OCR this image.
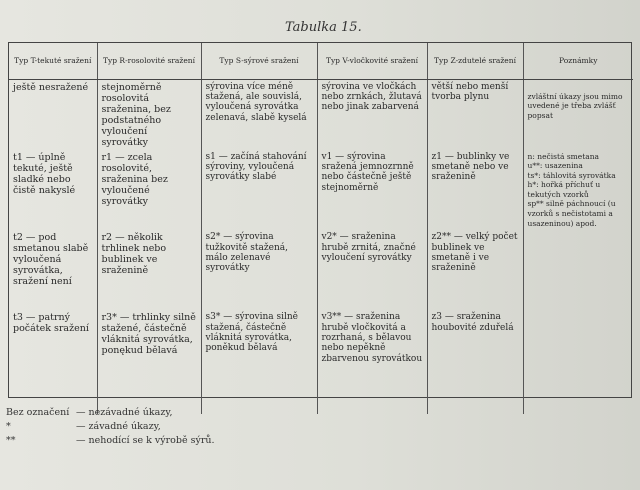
Tabulka 15.
Typ T-tekuté sražení	Typ R-rosolovité sražení	Typ S-sýrové sražení	Typ V-vločkovité sražení	Typ Z-zdutelé sražení	Poznámky
ještě nesražené	stejnoměrně rosolovitá sraženina, bez podstatného vyloučení syrovátky	sýrovina více méně stažená, ale souvislá, vyloučená syrovátka zelenavá, slabě kyselá	sýrovina ve vločkách nebo zrnkách, žlutavá nebo jinak zabarvená	větší nebo menší tvorba plynu	zvláštní úkazy jsou mimo uvedené je třeba zvlášť popsat
t1 — úplně tekuté, ještě sladké nebo čistě nakyslé	r1 — zcela rosolovité, sraženina bez vyloučené syrovátky	s1 — začíná stahování sýroviny, vyloučená syrovátky slabé	v1 — sýrovina sražená jemnozrnně nebo částečně ještě stejnoměrně	z1 — bublinky ve smetaně nebo ve sraženině	n: nečistá smetana
u**: usazenina
ts*: táhlovitá syrovátka
h*: hořká příchuť u tekutých vzorků
sp** silně páchnoucí (u vzorků s nečistotami a usazeninou) apod.
t2 — pod smetanou slabě vyloučená syrovátka, sražení není	r2 — několik trhlinek nebo bublinek ve sraženině	s2* — sýrovina tužkovitě stažená, málo zelenavé syrovátky	v2* — sraženina hrubě zrnitá, značné vyloučení syrovátky	z2** — velký počet bublinek ve smetaně i ve sraženině	
t3 — patrný počátek sražení	r3* — trhlinky silně stažené, částečně vláknitá syrovátka, ponękud bělavá	s3* — sýrovina silně stažená, částečně vláknitá syrovátka, poněkud bělavá	v3** — sraženina hrubě vločkovitá a rozrhaná, s bělavou nebo nepěkně zbarvenou syrovátkou	z3 — sraženina houbovité zduřelá	
Bez označení — nezávadné úkazy,
*	— závadné úkazy,
**	— nehodící se k výrobě sýrů.
